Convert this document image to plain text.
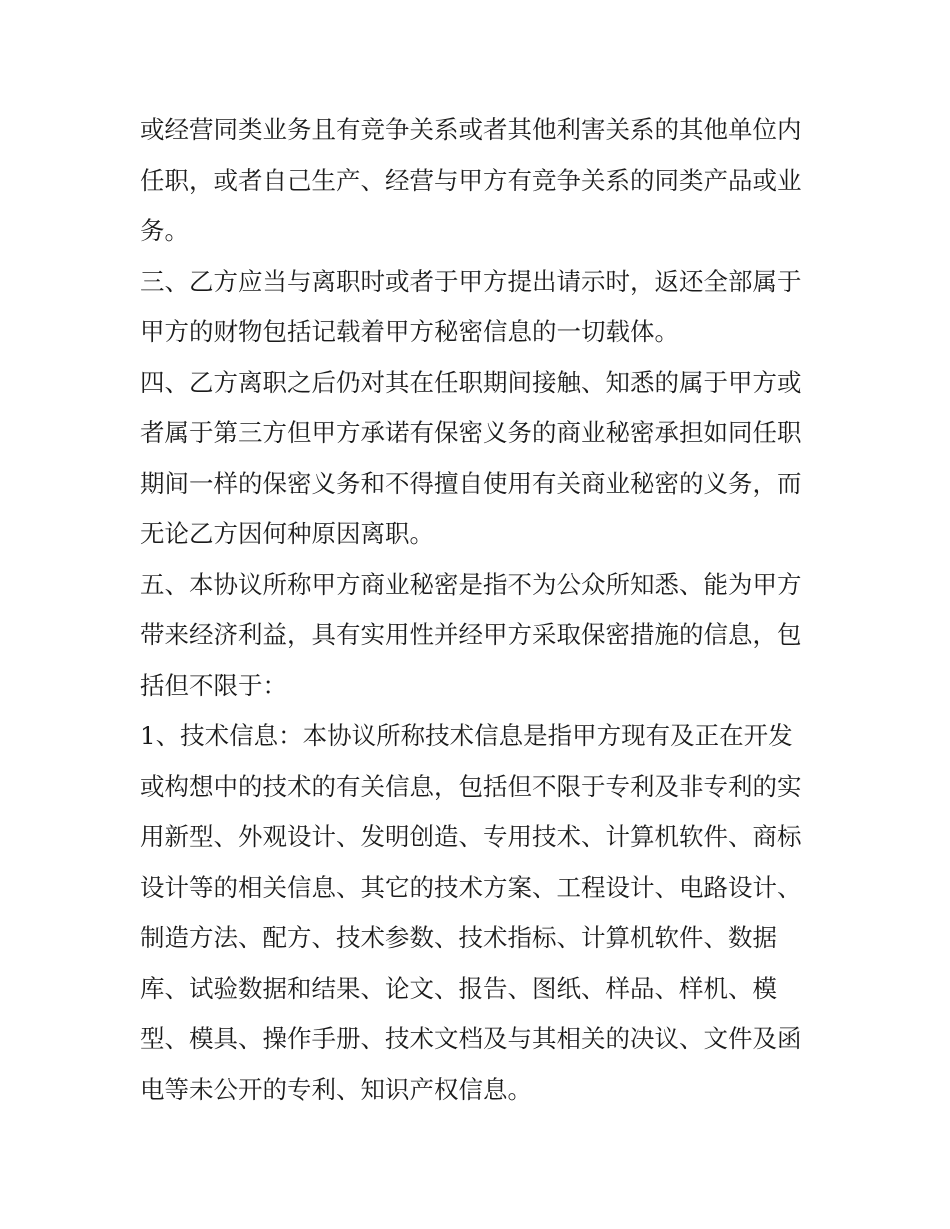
或经营同类业务且有竞争关系或者其他利害关系的其他单位内
任职，或者自己生产、经营与甲方有竞争关系的同类产品或业
务。
三、乙方应当与离职时或者于甲方提出请示时，返还全部属于
甲方的财物包括记载着甲方秘密信息的一切载体。
四、乙方离职之后仍对其在任职期间接触、知悉的属于甲方或
者属于第三方但甲方承诺有保密义务的商业秘密承担如同任职
期间一样的保密义务和不得擅自使用有关商业秘密的义务，而
无论乙方因何种原因离职。
五、本协议所称甲方商业秘密是指不为公众所知悉、能为甲方
带来经济利益，具有实用性并经甲方采取保密措施的信息，包
括但不限于：
1、技术信息：本协议所称技术信息是指甲方现有及正在开发
或构想中的技术的有关信息，包括但不限于专利及非专利的实
用新型、外观设计、发明创造、专用技术、计算机软件、商标
设计等的相关信息、其它的技术方案、工程设计、电路设计、
制造方法、配方、技术参数、技术指标、计算机软件、数据
库、试验数据和结果、论文、报告、图纸、样品、样机、模
型、模具、操作手册、技术文档及与其相关的决议、文件及函
电等未公开的专利、知识产权信息。
